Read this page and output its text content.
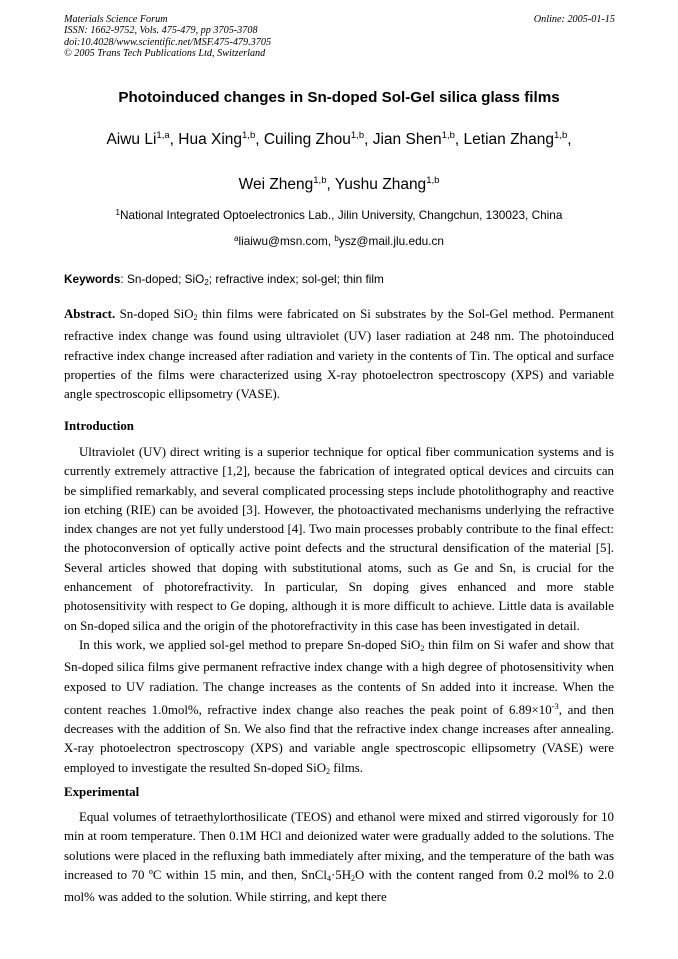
Materials Science Forum
ISSN: 1662-9752, Vols. 475-479, pp 3705-3708
doi:10.4028/www.scientific.net/MSF.475-479.3705
© 2005 Trans Tech Publications Ltd, Switzerland
Online: 2005-01-15
Photoinduced changes in Sn-doped Sol-Gel silica glass films
Aiwu Li$^{1,a}$, Hua Xing$^{1,b}$, Cuiling Zhou$^{1,b}$, Jian Shen$^{1,b}$, Letian Zhang$^{1,b}$,
Wei Zheng$^{1,b}$, Yushu Zhang$^{1,b}$
$^1$National Integrated Optoelectronics Lab., Jilin University, Changchun, 130023, China
$^a$liaiwu@msn.com, $^b$ysz@mail.jlu.edu.cn
Keywords: Sn-doped; SiO$_2$; refractive index; sol-gel; thin film

Abstract. Sn-doped SiO$_2$ thin films were fabricated on Si substrates by the Sol-Gel method. Permanent refractive index change was found using ultraviolet (UV) laser radiation at 248 nm. The photoinduced refractive index change increased after radiation and variety in the contents of Tin. The optical and surface properties of the films were characterized using X-ray photoelectron spectroscopy (XPS) and variable angle spectroscopic ellipsometry (VASE).

Introduction

Ultraviolet (UV) direct writing is a superior technique for optical fiber communication systems and is currently extremely attractive [1,2], because the fabrication of integrated optical devices and circuits can be simplified remarkably, and several complicated processing steps include photolithography and reactive ion etching (RIE) can be avoided [3]. However, the photoactivated mechanisms underlying the refractive index changes are not yet fully understood [4]. Two main processes probably contribute to the final effect: the photoconversion of optically active point defects and the structural densification of the material [5]. Several articles showed that doping with substitutional atoms, such as Ge and Sn, is crucial for the enhancement of photorefractivity. In particular, Sn doping gives enhanced and more stable photosensitivity with respect to Ge doping, although it is more difficult to achieve. Little data is available on Sn-doped silica and the origin of the photorefractivity in this case has been investigated in detail.

In this work, we applied sol-gel method to prepare Sn-doped SiO$_2$ thin film on Si wafer and show that Sn-doped silica films give permanent refractive index change with a high degree of photosensitivity when exposed to UV radiation. The change increases as the contents of Sn added into it increase. When the content reaches 1.0mol%, refractive index change also reaches the peak point of $6.89\times 10^{-3}$, and then decreases with the addition of Sn. We also find that the refractive index change increases after annealing. X-ray photoelectron spectroscopy (XPS) and variable angle spectroscopic ellipsometry (VASE) were employed to investigate the resulted Sn-doped SiO$_2$ films.

Experimental

Equal volumes of tetraethylorthosilicate (TEOS) and ethanol were mixed and stirred vigorously for 10 min at room temperature. Then 0.1M HCl and deionized water were gradually added to the solutions. The solutions were placed in the refluxing bath immediately after mixing, and the temperature of the bath was increased to 70 ºC within 15 min, and then, $SnCl_4\cdot 5H_2O$ with the content ranged from 0.2 mol% to 2.0 mol% was added to the solution. While stirring, and kept there
